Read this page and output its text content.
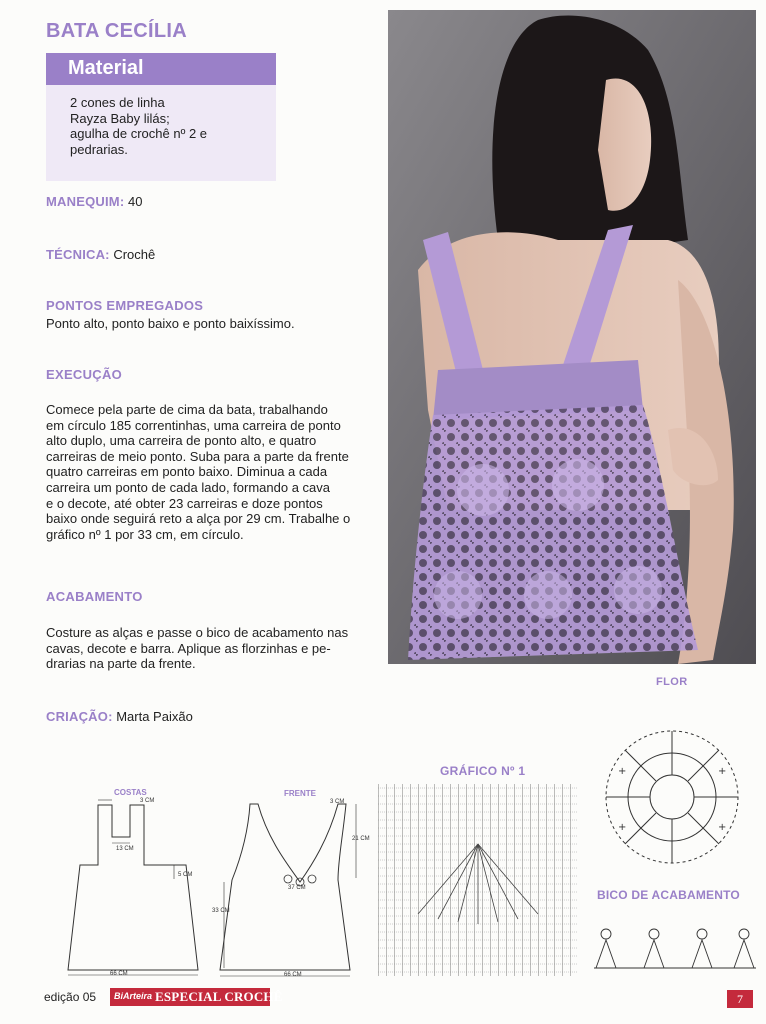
BATA CECÍLIA
Material
2 cones de linha
Rayza Baby lilás;
agulha de crochê nº 2 e
pedrarias.
MANEQUIM: 40
TÉCNICA: Crochê
PONTOS EMPREGADOS
Ponto alto, ponto baixo e ponto baixíssimo.
EXECUÇÃO
Comece pela parte de cima da bata, trabalhando
em círculo 185 correntinhas, uma carreira de ponto
alto duplo, uma carreira de ponto alto, e quatro
carreiras de meio ponto. Suba para a parte da frente
quatro carreiras em ponto baixo. Diminua a cada
carreira um ponto de cada lado, formando a cava
e o decote, até obter 23 carreiras e doze pontos
baixo onde seguirá reto a alça por 29 cm. Trabalhe o
gráfico nº 1 por 33 cm, em círculo.
ACABAMENTO
Costure as alças e passe o bico de acabamento nas
cavas, decote e barra. Aplique as florzinhas e pe-
drarias na parte da frente.
CRIAÇÃO: Marta Paixão
FLOR
COSTAS
3 CM
13 CM
5 CM
66 CM
FRENTE
3 CM
21 CM
37 CM
33 CM
66 CM
GRÁFICO Nº 1	+	+
+	+
BICO DE ACABAMENTO
edição 05 BiArteira ESPECIAL CROCHÊ	7
